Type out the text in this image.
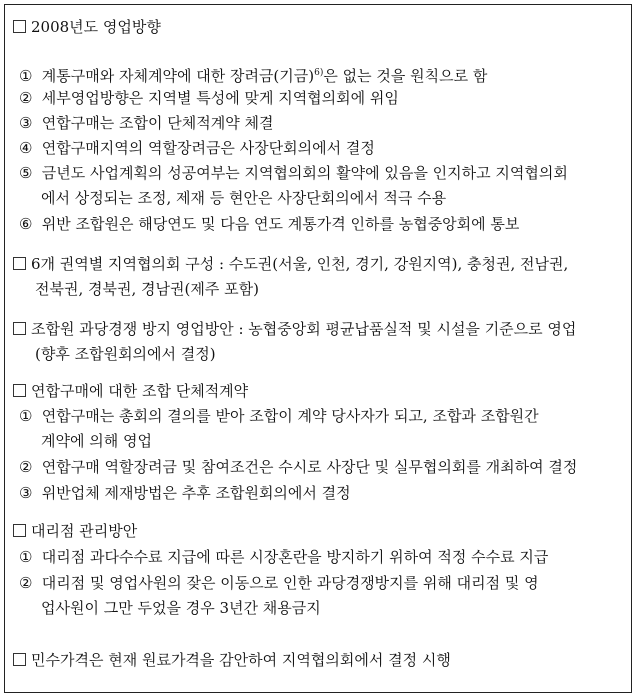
2008년도 영업방향
① 계통구매와 자체계약에 대한 장려금(기금)$^{6)}$은 없는 것을 원칙으로 함
② 세부영업방향은 지역별 특성에 맞게 지역협의회에 위임
③ 연합구매는 조합이 단체적계약 체결
④ 연합구매지역의 역할장려금은 사장단회의에서 결정
⑤ 금년도 사업계획의 성공여부는 지역협의회의 활약에 있음을 인지하고 지역협의회
에서 상정되는 조정, 제재 등 현안은 사장단회의에서 적극 수용
⑥ 위반 조합원은 해당연도 및 다음 연도 계통가격 인하를 농협중앙회에 통보
6개 권역별 지역협의회 구성 : 수도권(서울, 인천, 경기, 강원지역), 충청권, 전남권,
전북권, 경북권, 경남권(제주 포함)
조합원 과당경쟁 방지 영업방안 : 농협중앙회 평균납품실적 및 시설을 기준으로 영업
(향후 조합원회의에서 결정)
연합구매에 대한 조합 단체적계약
① 연합구매는 총회의 결의를 받아 조합이 계약 당사자가 되고, 조합과 조합원간
계약에 의해 영업
② 연합구매 역할장려금 및 참여조건은 수시로 사장단 및 실무협의회를 개최하여 결정
③ 위반업체 제재방법은 추후 조합원회의에서 결정
대리점 관리방안
① 대리점 과다수수료 지급에 따른 시장혼란을 방지하기 위하여 적정 수수료 지급
② 대리점 및 영업사원의 잦은 이동으로 인한 과당경쟁방지를 위해 대리점 및 영
업사원이 그만 두었을 경우 3년간 채용금지
민수가격은 현재 원료가격을 감안하여 지역협의회에서 결정 시행
